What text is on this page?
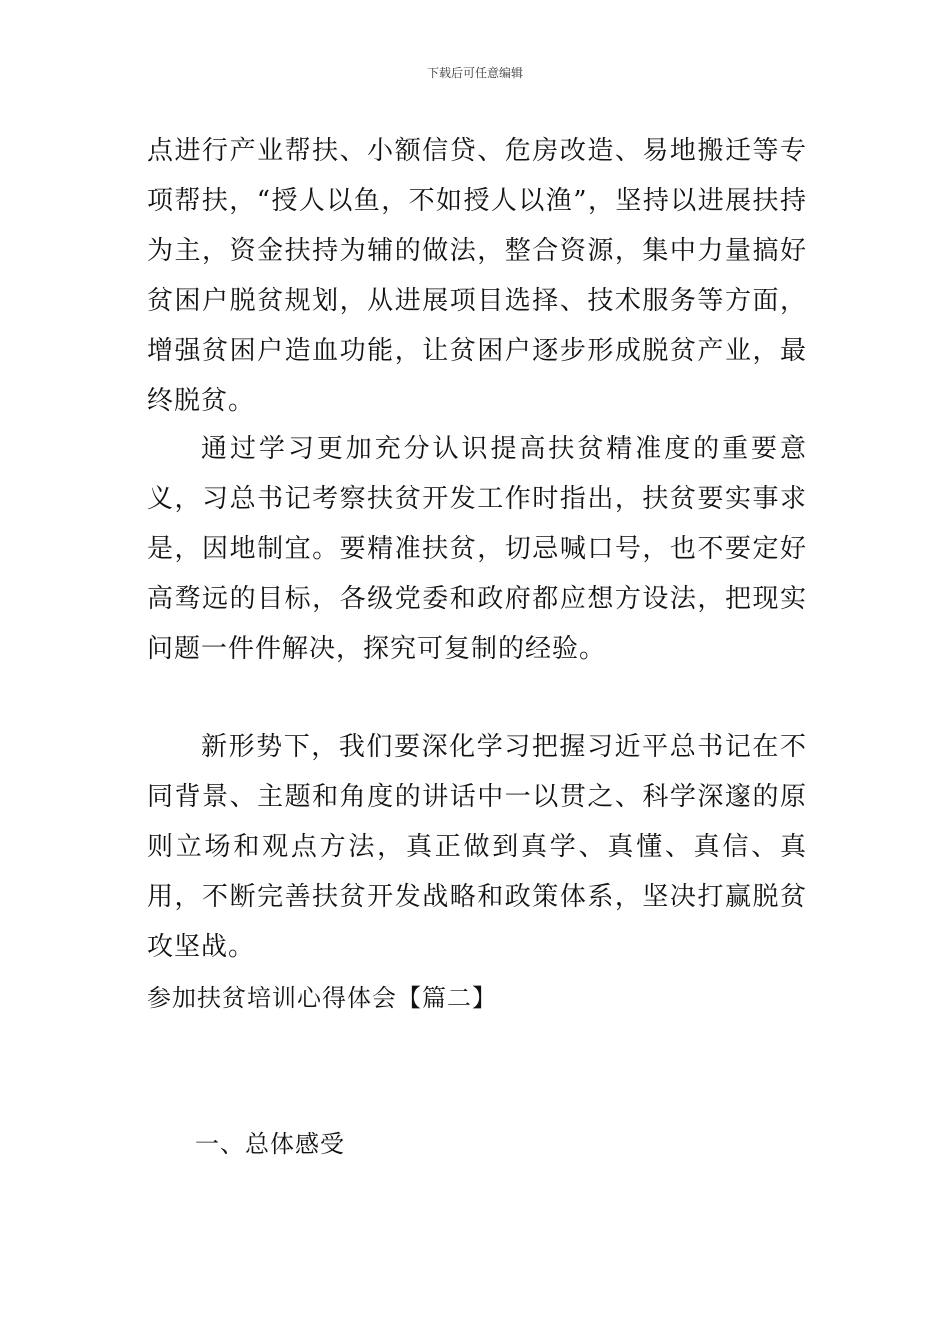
下载后可任意编辑

点进行产业帮扶、小额信贷、危房改造、易地搬迁等专项帮扶，“授人以鱼，不如授人以渔”，坚持以进展扶持为主，资金扶持为辅的做法，整合资源，集中力量搞好贫困户脱贫规划，从进展项目选择、技术服务等方面，增强贫困户造血功能，让贫困户逐步形成脱贫产业，最终脱贫。

通过学习更加充分认识提高扶贫精准度的重要意义，习总书记考察扶贫开发工作时指出，扶贫要实事求是，因地制宜。要精准扶贫，切忌喊口号，也不要定好高骛远的目标，各级党委和政府都应想方设法，把现实问题一件件解决，探究可复制的经验。

新形势下，我们要深化学习把握习近平总书记在不同背景、主题和角度的讲话中一以贯之、科学深邃的原则立场和观点方法，真正做到真学、真懂、真信、真用，不断完善扶贫开发战略和政策体系，坚决打赢脱贫攻坚战。

参加扶贫培训心得体会【篇二】

一、总体感受
